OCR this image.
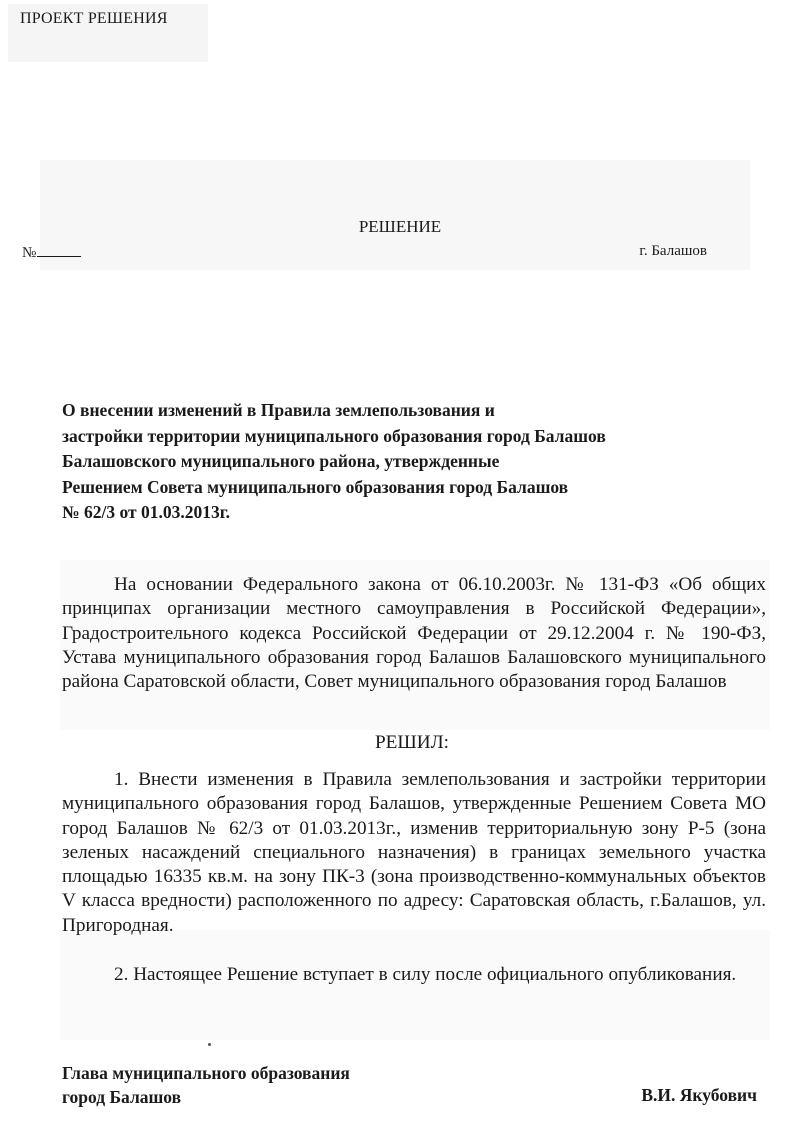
ПРОЕКТ РЕШЕНИЯ
РЕШЕНИЕ
№	г. Балашов
О внесении изменений в Правила землепользования и
застройки территории муниципального образования город Балашов
Балашовского муниципального района, утвержденные
Решением Совета муниципального образования город Балашов
№ 62/3 от 01.03.2013г.
На основании Федерального закона от 06.10.2003г. № 131-ФЗ «Об общих принципах организации местного самоуправления в Российской Федерации», Градостроительного кодекса Российской Федерации от 29.12.2004 г. № 190-ФЗ, Устава муниципального образования город Балашов Балашовского муниципального района Саратовской области, Совет муниципального образования город Балашов
РЕШИЛ:
1. Внести изменения в Правила землепользования и застройки территории муниципального образования город Балашов, утвержденные Решением Совета МО город Балашов № 62/3 от 01.03.2013г., изменив территориальную зону Р-5 (зона зеленых насаждений специального назначения) в границах земельного участка площадью 16335 кв.м. на зону ПК-3 (зона производственно-коммунальных объектов V класса вредности) расположенного по адресу: Саратовская область, г.Балашов, ул. Пригородная.
2. Настоящее Решение вступает в силу после официального опубликования.
Глава муниципального образования
город Балашов	В.И. Якубович
